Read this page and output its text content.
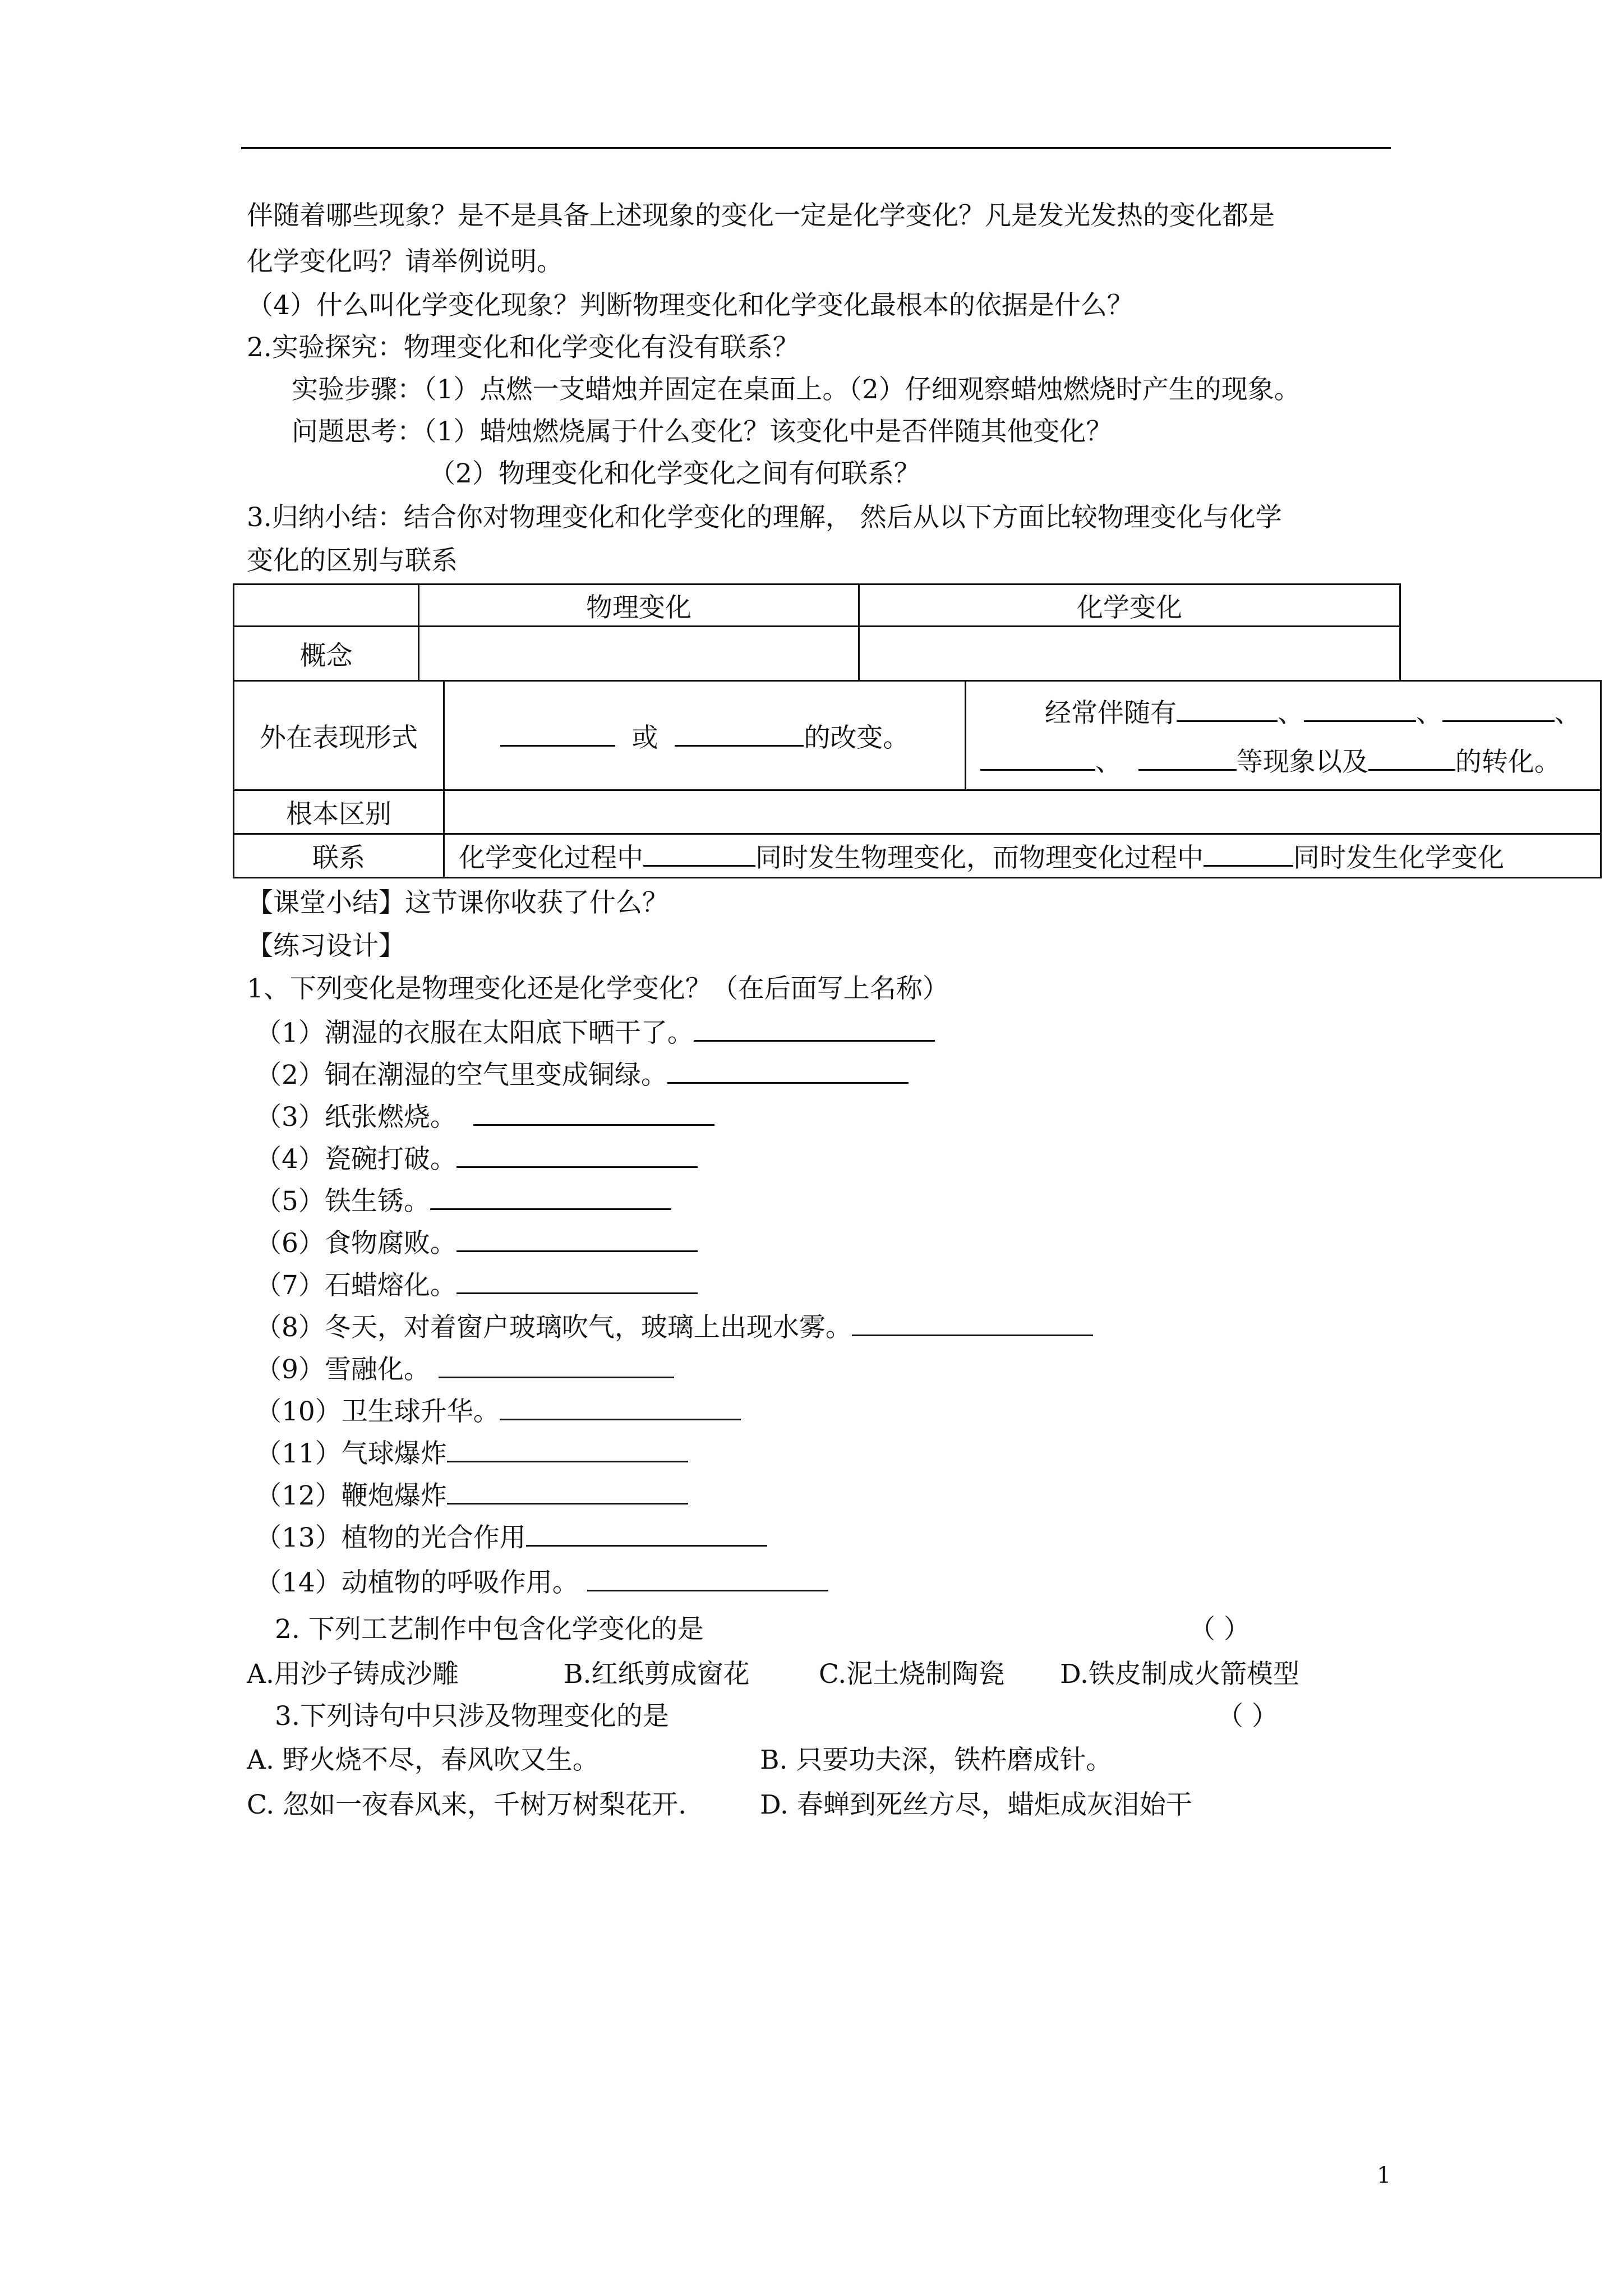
伴随着哪些现象？是不是具备上述现象的变化一定是化学变化？凡是发光发热的变化都是
化学变化吗？请举例说明。
（4）什么叫化学变化现象？判断物理变化和化学变化最根本的依据是什么？
2.实验探究：物理变化和化学变化有没有联系？
实验步骤：（1）点燃一支蜡烛并固定在桌面上。（2）仔细观察蜡烛燃烧时产生的现象。
问题思考：（1）蜡烛燃烧属于什么变化？该变化中是否伴随其他变化？
（2）物理变化和化学变化之间有何联系？
3.归纳小结：结合你对物理变化和化学变化的理解， 然后从以下方面比较物理变化与化学
变化的区别与联系
	物理变化	化学变化
概念		
外在表现形式	或 的改变。	经常伴随有 、 、 、
、 等现象以及 的转化。

根本区别		
联系	化学变化过程中 同时发生物理变化，而物理变化过程中 同时发生化学变化	
【课堂小结】这节课你收获了什么？
【练习设计】
1、下列变化是物理变化还是化学变化？（在后面写上名称）
（1）潮湿的衣服在太阳底下晒干了。
（2）铜在潮湿的空气里变成铜绿。
（3）纸张燃烧。
（4）瓷碗打破。
（5）铁生锈。
（6）食物腐败。
（7）石蜡熔化。
（8）冬天，对着窗户玻璃吹气，玻璃上出现水雾。
（9）雪融化。
（10）卫生球升华。
（11）气球爆炸
（12）鞭炮爆炸
（13）植物的光合作用
（14）动植物的呼吸作用。
2. 下列工艺制作中包含化学变化的是	（ ）
A.用沙子铸成沙雕	B.红纸剪成窗花	C.泥土烧制陶瓷 D.铁皮制成火箭模型
3.下列诗句中只涉及物理变化的是	（ ）
A. 野火烧不尽，春风吹又生。	B. 只要功夫深，铁杵磨成针。
C. 忽如一夜春风来，千树万树梨花开.	D. 春蝉到死丝方尽，蜡炬成灰泪始干
1
